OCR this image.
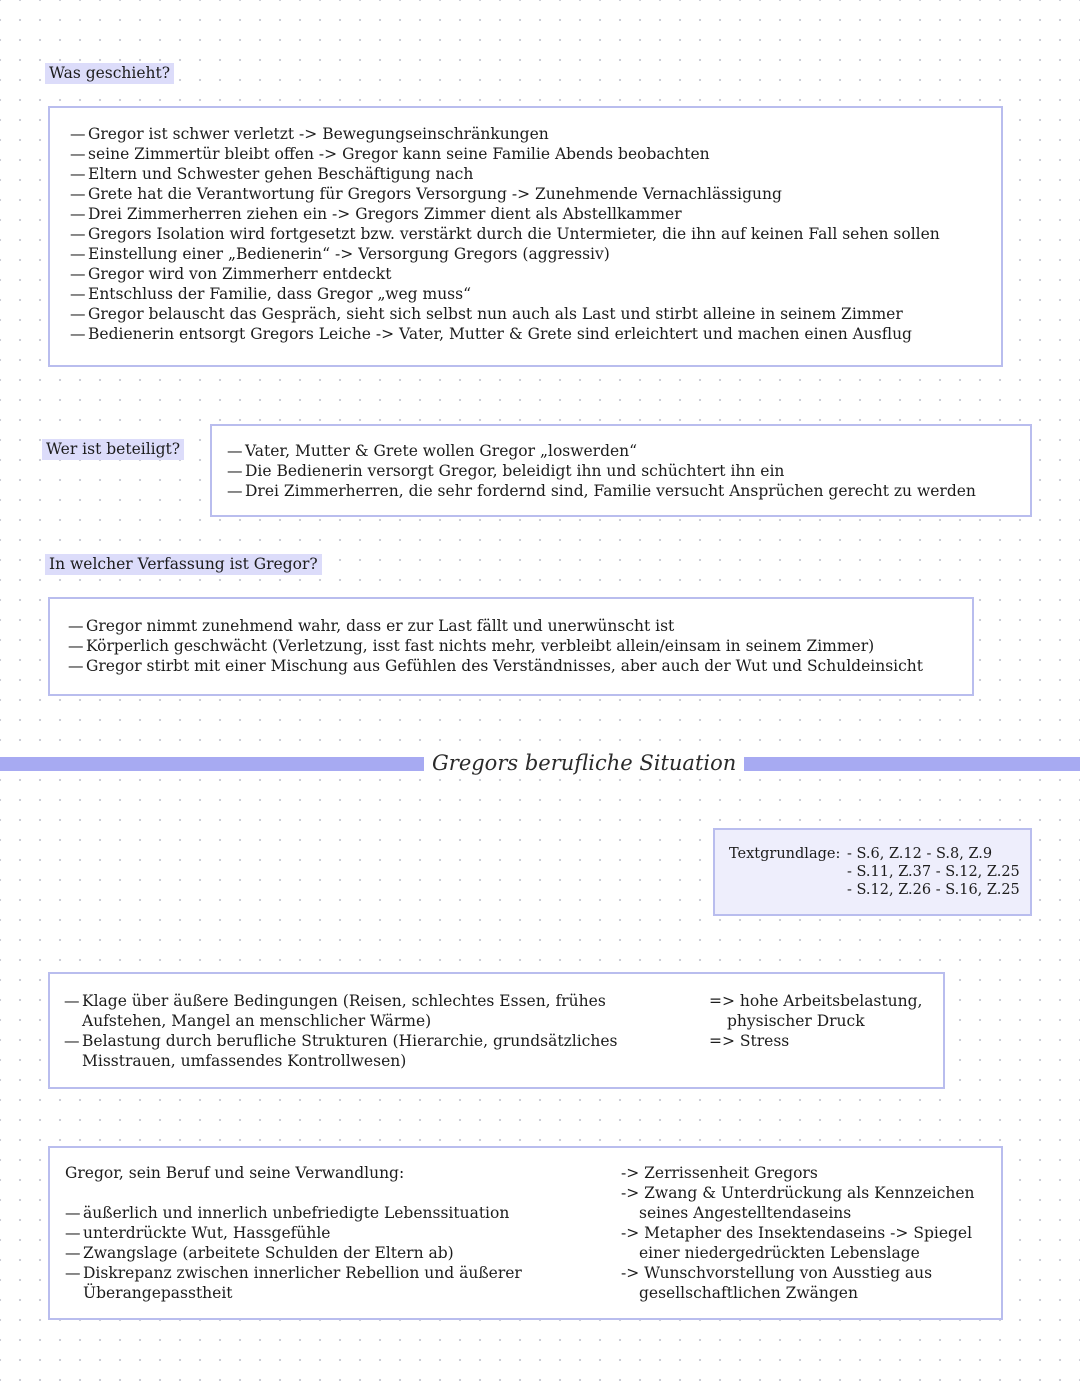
Was geschieht?
— Gregor ist schwer verletzt -> Bewegungseinschränkungen
— seine Zimmertür bleibt offen -> Gregor kann seine Familie Abends beobachten
— Eltern und Schwester gehen Beschäftigung nach
— Grete hat die Verantwortung für Gregors Versorgung -> Zunehmende Vernachlässigung
— Drei Zimmerherren ziehen ein -> Gregors Zimmer dient als Abstellkammer
— Gregors Isolation wird fortgesetzt bzw. verstärkt durch die Untermieter, die ihn auf keinen Fall sehen sollen
— Einstellung einer „Bedienerin“ -> Versorgung Gregors (aggressiv)
— Gregor wird von Zimmerherr entdeckt
— Entschluss der Familie, dass Gregor „weg muss“
— Gregor belauscht das Gespräch, sieht sich selbst nun auch als Last und stirbt alleine in seinem Zimmer
— Bedienerin entsorgt Gregors Leiche -> Vater, Mutter & Grete sind erleichtert und machen einen Ausflug
Wer ist beteiligt?
—	Vater, Mutter & Grete wollen Gregor „loswerden“
— Die Bedienerin versorgt Gregor, beleidigt ihn und schüchtert ihn ein
— Drei Zimmerherren, die sehr fordernd sind, Familie versucht Ansprüchen gerecht zu werden
In welcher Verfassung ist Gregor?
— Gregor nimmt zunehmend wahr, dass er zur Last fällt und unerwünscht ist
— Körperlich geschwächt (Verletzung, isst fast nichts mehr, verbleibt allein/einsam in seinem Zimmer)
— Gregor stirbt mit einer Mischung aus Gefühlen des Verständnisses, aber auch der Wut und Schuldeinsicht
Gregors berufliche Situation
Textgrundlage: - S.6, Z.12 - S.8, Z.9
- S.11, Z.37 - S.12, Z.25
- S.12, Z.26 - S.16, Z.25
— Klage über äußere Bedingungen (Reisen, schlechtes Essen, frühes Aufstehen, Mangel an menschlicher Wärme)
— Belastung durch berufliche Strukturen (Hierarchie, grundsätzliches Misstrauen, umfassendes Kontrollwesen)

=> hohe Arbeitsbelastung,

physischer Druck

=> Stress

Gregor, sein Beruf und seine Verwandlung:

— äußerlich und innerlich unbefriedigte Lebenssituation
— unterdrückte Wut, Hassgefühle
— Zwangslage (arbeitete Schulden der Eltern ab)
— Diskrepanz zwischen innerlicher Rebellion und äußerer Überangepasstheit

-> Zerrissenheit Gregors

-> Zwang & Unterdrückung als Kennzeichen

seines Angestelltendaseins

-> Metapher des Insektendaseins -> Spiegel

einer niedergedrückten Lebenslage

-> Wunschvorstellung von Ausstieg aus

gesellschaftlichen Zwängen
